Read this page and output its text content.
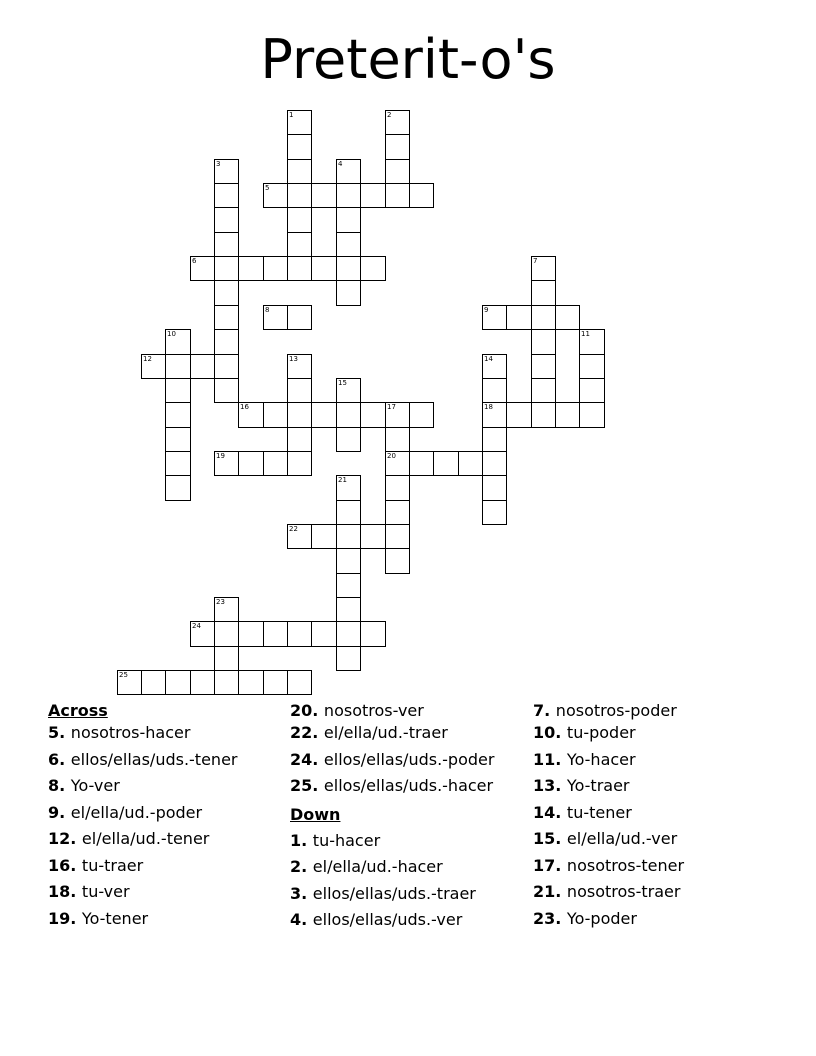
Preterit-o's
5
6
8	9
12
16	17	18
19	20
22
24
25
1	2
3	4
7
10	11
13	14
15
21
23
Across
5. nosotros-hacer
6. ellos/ellas/uds.-tener
8. Yo-ver
9. el/ella/ud.-poder
12. el/ella/ud.-tener
16. tu-traer
18. tu-ver
19. Yo-tener
20. nosotros-ver
22. el/ella/ud.-traer
24. ellos/ellas/uds.-poder
25. ellos/ellas/uds.-hacer
Down
1. tu-hacer
2. el/ella/ud.-hacer
3. ellos/ellas/uds.-traer
4. ellos/ellas/uds.-ver
7. nosotros-poder
10. tu-poder
11. Yo-hacer
13. Yo-traer
14. tu-tener
15. el/ella/ud.-ver
17. nosotros-tener
21. nosotros-traer
23. Yo-poder
